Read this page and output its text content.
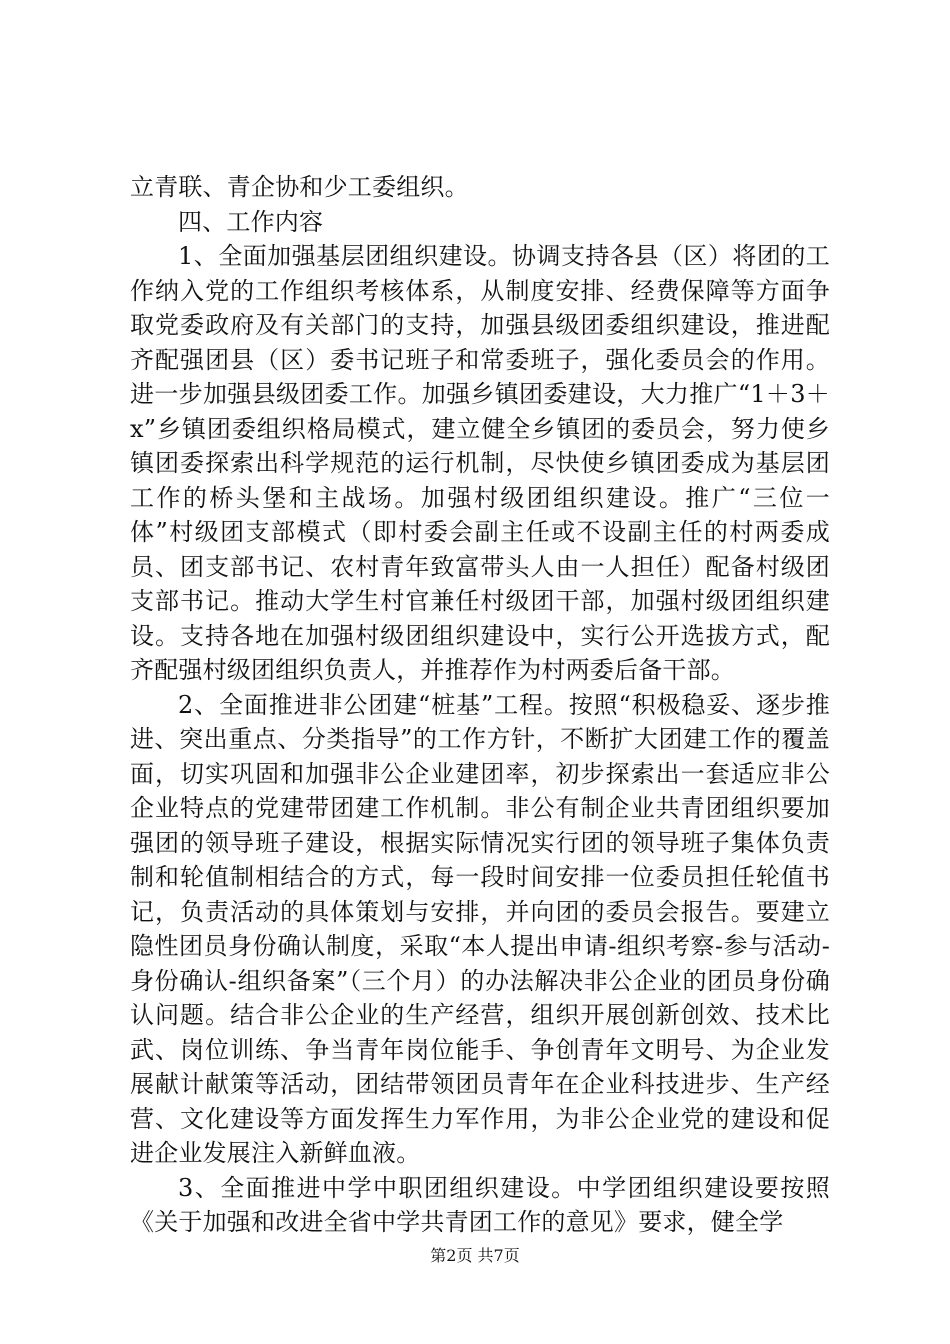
立青联、青企协和少工委组织。

四、工作内容

1、全面加强基层团组织建设。协调支持各县（区）将团的工作纳入党的工作组织考核体系，从制度安排、经费保障等方面争取党委政府及有关部门的支持，加强县级团委组织建设，推进配齐配强团县（区）委书记班子和常委班子，强化委员会的作用。进一步加强县级团委工作。加强乡镇团委建设，大力推广“1＋3＋x”乡镇团委组织格局模式，建立健全乡镇团的委员会，努力使乡镇团委探索出科学规范的运行机制，尽快使乡镇团委成为基层团工作的桥头堡和主战场。加强村级团组织建设。推广“三位一体”村级团支部模式（即村委会副主任或不设副主任的村两委成员、团支部书记、农村青年致富带头人由一人担任）配备村级团支部书记。推动大学生村官兼任村级团干部，加强村级团组织建设。支持各地在加强村级团组织建设中，实行公开选拔方式，配齐配强村级团组织负责人，并推荐作为村两委后备干部。

2、全面推进非公团建“桩基”工程。按照“积极稳妥、逐步推进、突出重点、分类指导”的工作方针，不断扩大团建工作的覆盖面，切实巩固和加强非公企业建团率，初步探索出一套适应非公企业特点的党建带团建工作机制。非公有制企业共青团组织要加强团的领导班子建设，根据实际情况实行团的领导班子集体负责制和轮值制相结合的方式，每一段时间安排一位委员担任轮值书记，负责活动的具体策划与安排，并向团的委员会报告。要建立隐性团员身份确认制度，采取“本人提出申请-组织考察-参与活动-身份确认-组织备案”（三个月）的办法解决非公企业的团员身份确认问题。结合非公企业的生产经营，组织开展创新创效、技术比武、岗位训练、争当青年岗位能手、争创青年文明号、为企业发展献计献策等活动，团结带领团员青年在企业科技进步、生产经营、文化建设等方面发挥生力军作用，为非公企业党的建设和促进企业发展注入新鲜血液。

3、全面推进中学中职团组织建设。中学团组织建设要按照《关于加强和改进全省中学共青团工作的意见》要求，健全学

第2页 共7页
